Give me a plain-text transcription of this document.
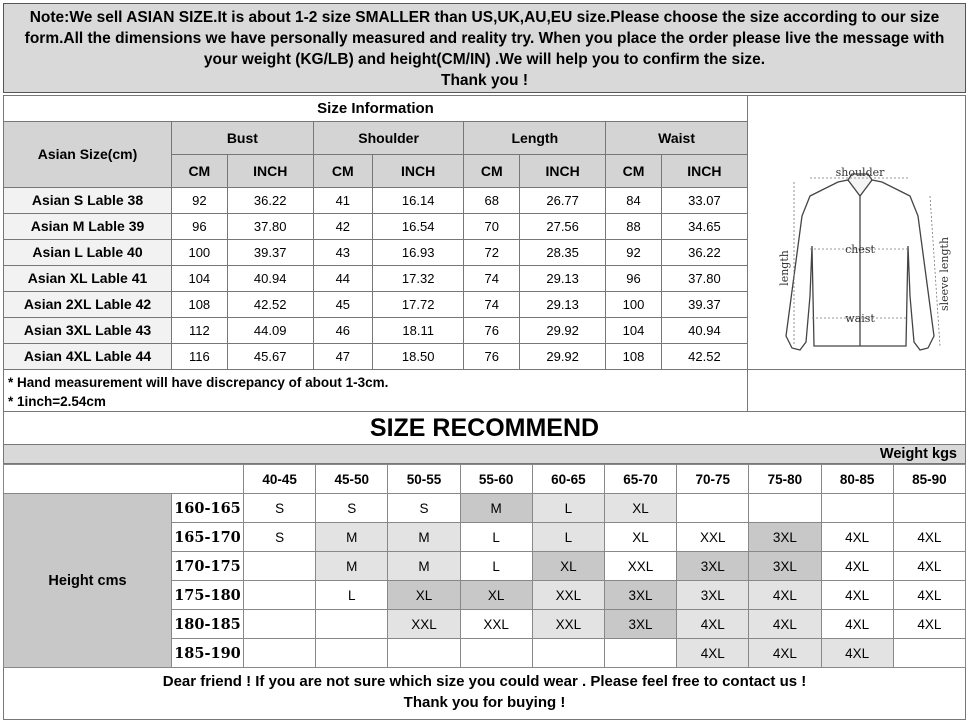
Note:We sell ASIAN SIZE.It is about 1-2 size SMALLER than US,UK,AU,EU size.Please choose the size according to our size
form.All the dimensions we have personally measured and reality try. When you place the order please live the message with
your weight (KG/LB) and height(CM/IN) .We will help you to confirm the size.
Thank you !
Size Information								
Asian Size(cm)	Bust		Shoulder		Length		Waist	
	CM	INCH	CM	INCH	CM	INCH	CM	INCH
Asian S Lable 38	92	36.22	41	16.14	68	26.77	84	33.07
Asian M Lable 39	96	37.80	42	16.54	70	27.56	88	34.65
Asian L Lable 40	100	39.37	43	16.93	72	28.35	92	36.22
Asian XL Lable 41	104	40.94	44	17.32	74	29.13	96	37.80
Asian 2XL Lable 42	108	42.52	45	17.72	74	29.13	100	39.37
Asian 3XL Lable 43	112	44.09	46	18.11	76	29.92	104	40.94
Asian 4XL Lable 44	116	45.67	47	18.50	76	29.92	108	42.52
shoulder
chest
waist
length	sleeve length
* Hand measurement will have discrepancy of about 1-3cm.
* 1inch=2.54cm
SIZE RECOMMEND
Weight kgs
		40-45	45-50	50-55	55-60	60-65	65-70	70-75	75-80	80-85	85-90
Height cms	160-165	S	S	S	M	L	XL				
	165-170	S	M	M	L	L	XL	XXL	3XL	4XL	4XL
	170-175		M	M	L	XL	XXL	3XL	3XL	4XL	4XL
	175-180		L	XL	XL	XXL	3XL	3XL	4XL	4XL	4XL
	180-185			XXL	XXL	XXL	3XL	4XL	4XL	4XL	4XL
	185-190							4XL	4XL	4XL	
Dear friend ! If you are not sure which size you could wear . Please feel free to contact us !
Thank you for buying !
